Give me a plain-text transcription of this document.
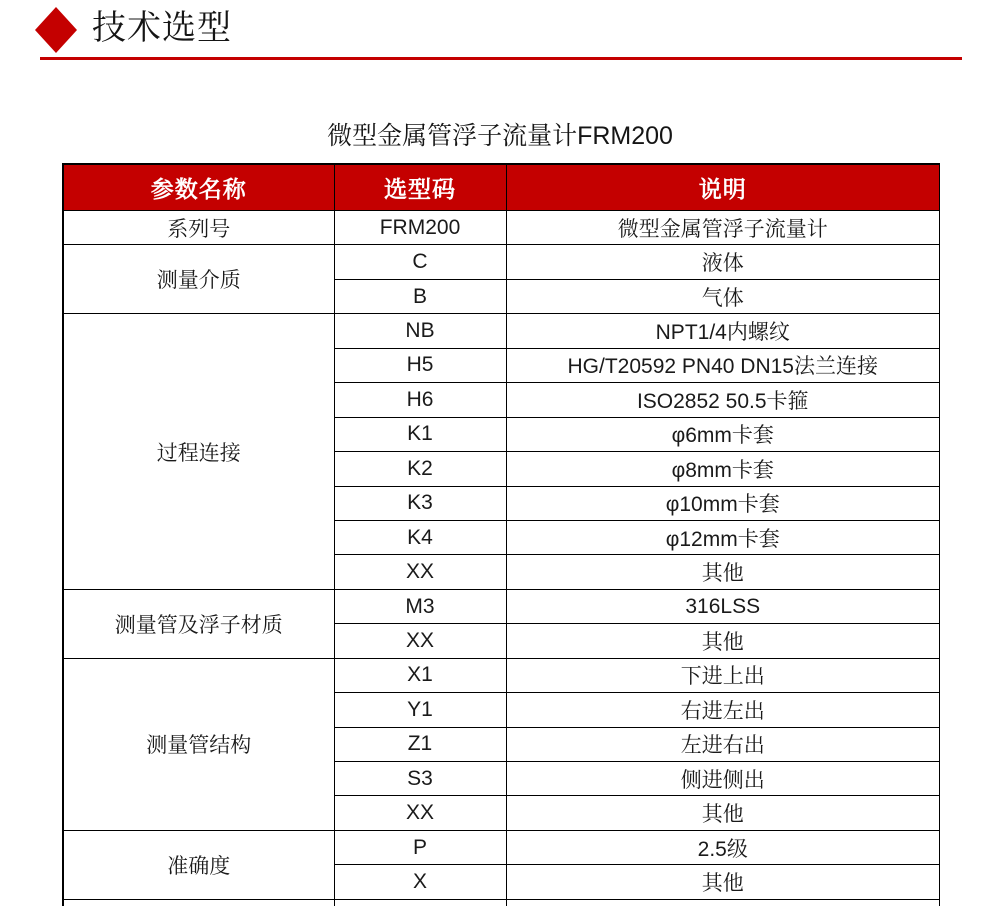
技术选型
微型金属管浮子流量计FRM200
参数名称	选型码	说明
系列号	FRM200	微型金属管浮子流量计
测量介质	C	液体
	B	气体
过程连接	NB	NPT1/4内螺纹
	H5	HG/T20592 PN40 DN15法兰连接
	H6	ISO2852 50.5卡箍
	K1	φ6mm卡套
	K2	φ8mm卡套
	K3	φ10mm卡套
	K4	φ12mm卡套
	XX	其他
测量管及浮子材质	M3	316LSS
	XX	其他
测量管结构	X1	下进上出
	Y1	右进左出
	Z1	左进右出
	S3	侧进侧出
	XX	其他
准确度	P	2.5级
	X	其他
